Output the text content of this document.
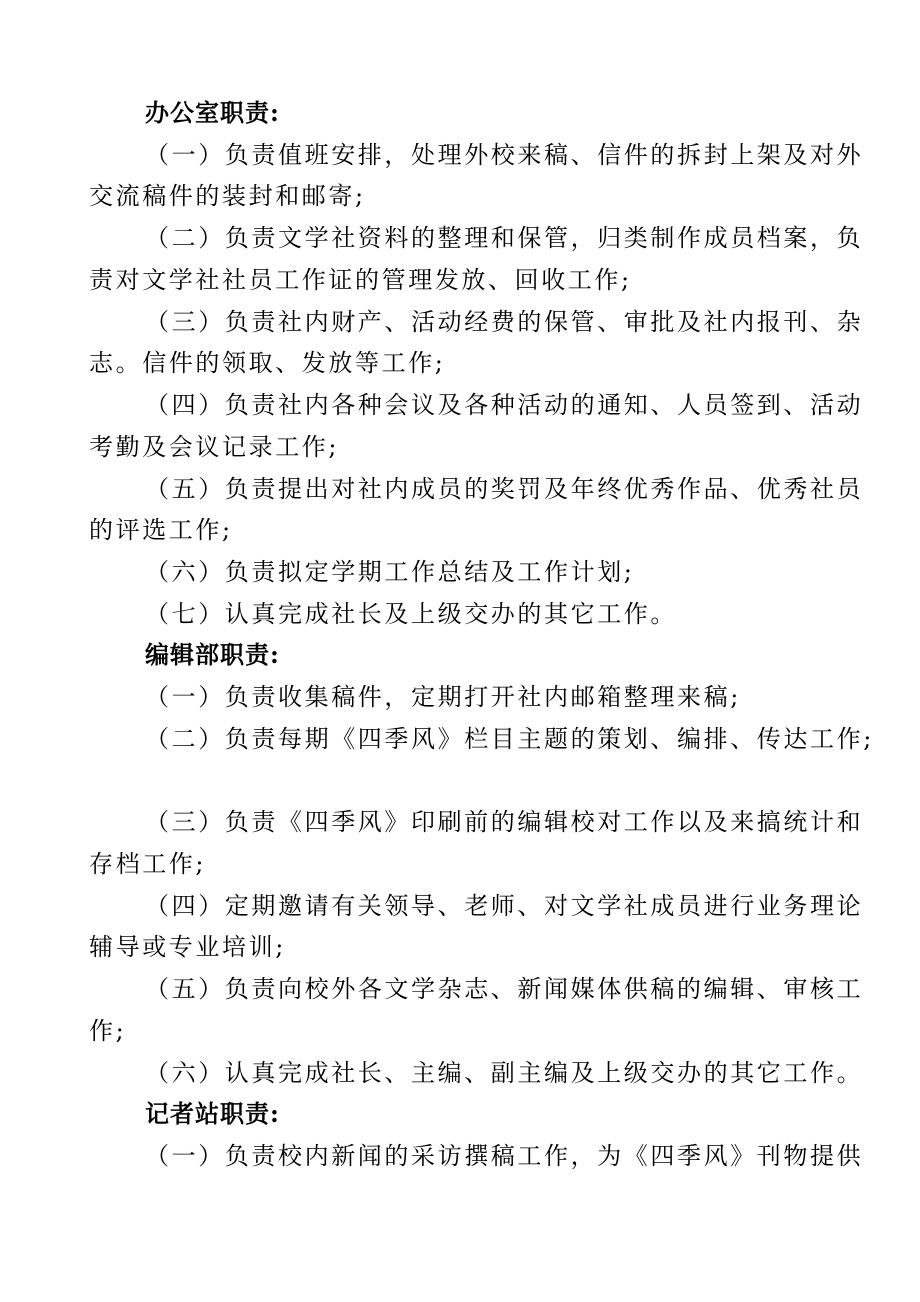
办公室职责:
（一）负责值班安排，处理外校来稿、信件的拆封上架及对外
交流稿件的装封和邮寄;
（二）负责文学社资料的整理和保管，归类制作成员档案，负
责对文学社社员工作证的管理发放、回收工作;
（三）负责社内财产、活动经费的保管、审批及社内报刊、杂
志。信件的领取、发放等工作;
（四）负责社内各种会议及各种活动的通知、人员签到、活动
考勤及会议记录工作;
（五）负责提出对社内成员的奖罚及年终优秀作品、优秀社员
的评选工作;
（六）负责拟定学期工作总结及工作计划;
（七）认真完成社长及上级交办的其它工作。
编辑部职责:
（一）负责收集稿件，定期打开社内邮箱整理来稿;
（二）负责每期《四季风》栏目主题的策划、编排、传达工作;
（三）负责《四季风》印刷前的编辑校对工作以及来搞统计和
存档工作;
（四）定期邀请有关领导、老师、对文学社成员进行业务理论
辅导或专业培训;
（五）负责向校外各文学杂志、新闻媒体供稿的编辑、审核工
作;
（六）认真完成社长、主编、副主编及上级交办的其它工作。
记者站职责:
（一）负责校内新闻的采访撰稿工作，为《四季风》刊物提供
